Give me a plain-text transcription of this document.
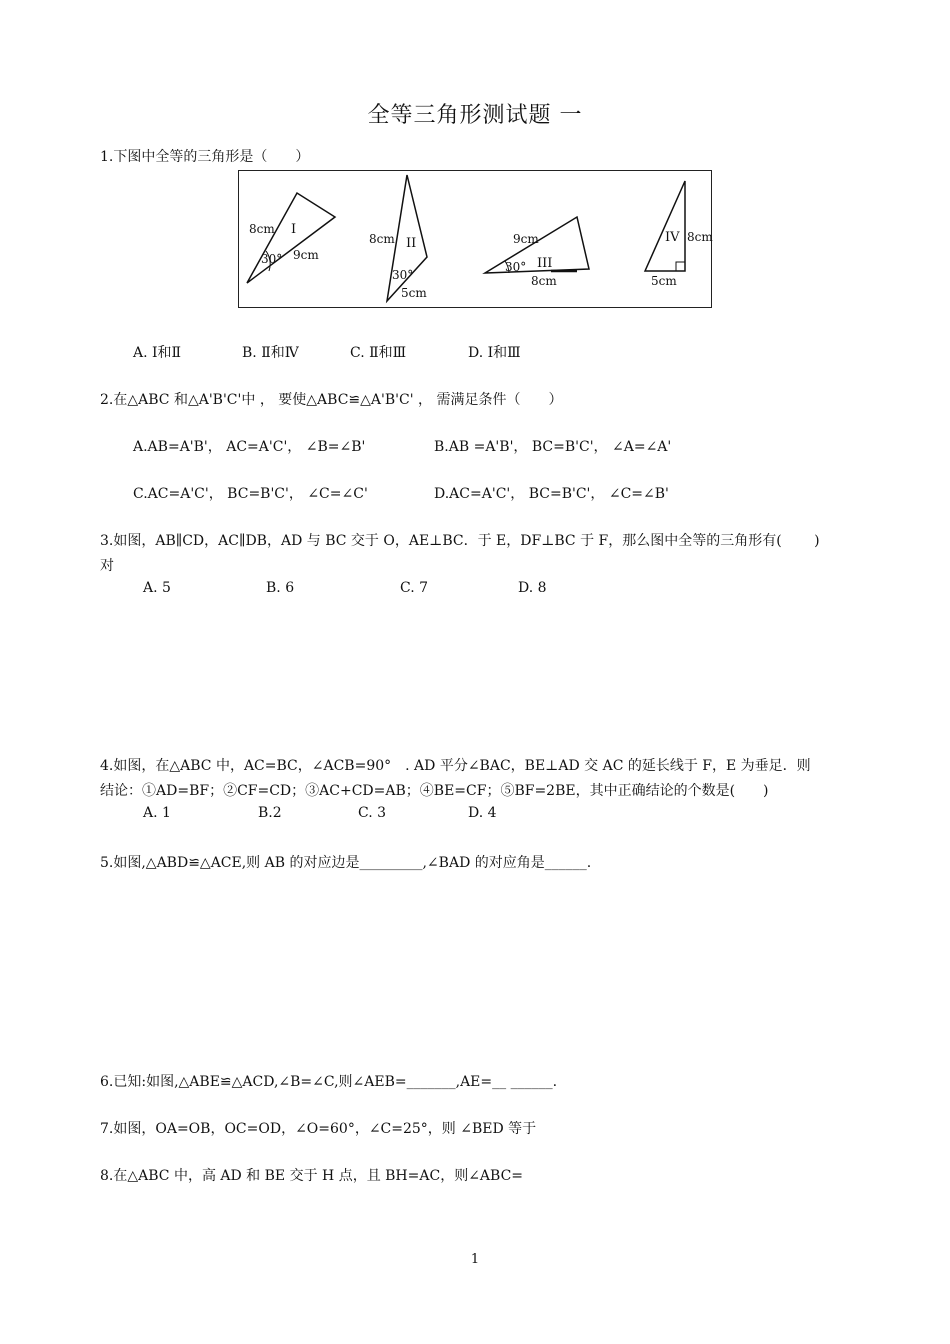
全等三角形测试题 一
1.下图中全等的三角形是（　　）
8cm I
30° 9cm
8cm II
30°
5cm
9cm
30° III
8cm
IV 8cm
5cm
A. Ⅰ和Ⅱ	B. Ⅱ和Ⅳ	C. Ⅱ和Ⅲ	D. Ⅰ和Ⅲ
2.在△ABC 和△A'B'C'中 ， 要使△ABC≌△A'B'C' ， 需满足条件（　　）
A.AB=A'B'， AC=A'C'， ∠B=∠B'	B.AB =A'B'， BC=B'C'， ∠A=∠A'
C.AC=A'C'， BC=B'C'， ∠C=∠C'	D.AC=A'C'， BC=B'C'， ∠C=∠B'
3.如图，AB∥CD，AC∥DB，AD 与 BC 交于 O，AE⊥BC．于 E，DF⊥BC 于 F，那么图中全等的三角形有(　　 )
对
A. 5	B. 6	C. 7	D. 8
4.如图，在△ABC 中，AC=BC，∠ACB=90°　. AD 平分∠BAC，BE⊥AD 交 AC 的延长线于 F，E 为垂足．则
结论：①AD=BF；②CF=CD；③AC+CD=AB；④BE=CF；⑤BF=2BE，其中正确结论的个数是(　　)
A. 1	B.2	C. 3	D. 4
5.如图,△ABD≌△ACE,则 AB 的对应边是_________,∠BAD 的对应角是______.
6.已知:如图,△ABE≌△ACD,∠B=∠C,则∠AEB=_______,AE=__ ______.
7.如图，OA=OB，OC=OD，∠O=60°，∠C=25°，则 ∠BED 等于
8.在△ABC 中，高 AD 和 BE 交于 H 点，且 BH=AC，则∠ABC=
1
